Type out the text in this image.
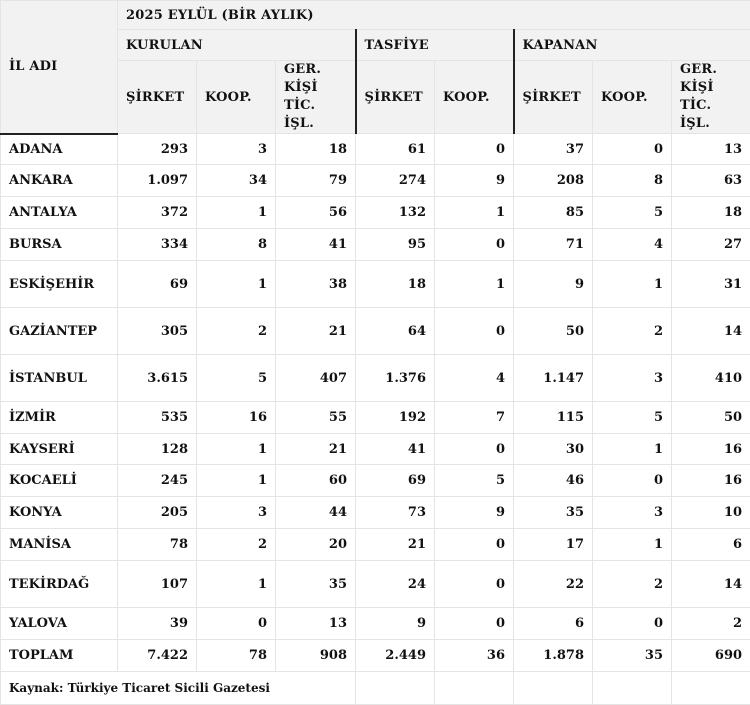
İL ADI	2025 EYLÜL (BİR AYLIK)							
	KURULAN			TASFİYE		KAPANAN		
	ŞİRKET	KOOP.	GER. KİŞİ TİC. İŞL.	ŞİRKET	KOOP.	ŞİRKET	KOOP.	GER. KİŞİ TİC. İŞL.
ADANA	293	3	18	61	0	37	0	13
ANKARA	1.097	34	79	274	9	208	8	63
ANTALYA	372	1	56	132	1	85	5	18
BURSA	334	8	41	95	0	71	4	27
ESKİŞEHİR	69	1	38	18	1	9	1	31
GAZİANTEP	305	2	21	64	0	50	2	14
İSTANBUL	3.615	5	407	1.376	4	1.147	3	410
İZMİR	535	16	55	192	7	115	5	50
KAYSERİ	128	1	21	41	0	30	1	16
KOCAELİ	245	1	60	69	5	46	0	16
KONYA	205	3	44	73	9	35	3	10
MANİSA	78	2	20	21	0	17	1	6
TEKİRDAĞ	107	1	35	24	0	22	2	14
YALOVA	39	0	13	9	0	6	0	2
TOPLAM	7.422	78	908	2.449	36	1.878	35	690
Kaynak: Türkiye Ticaret Sicili Gazetesi								
